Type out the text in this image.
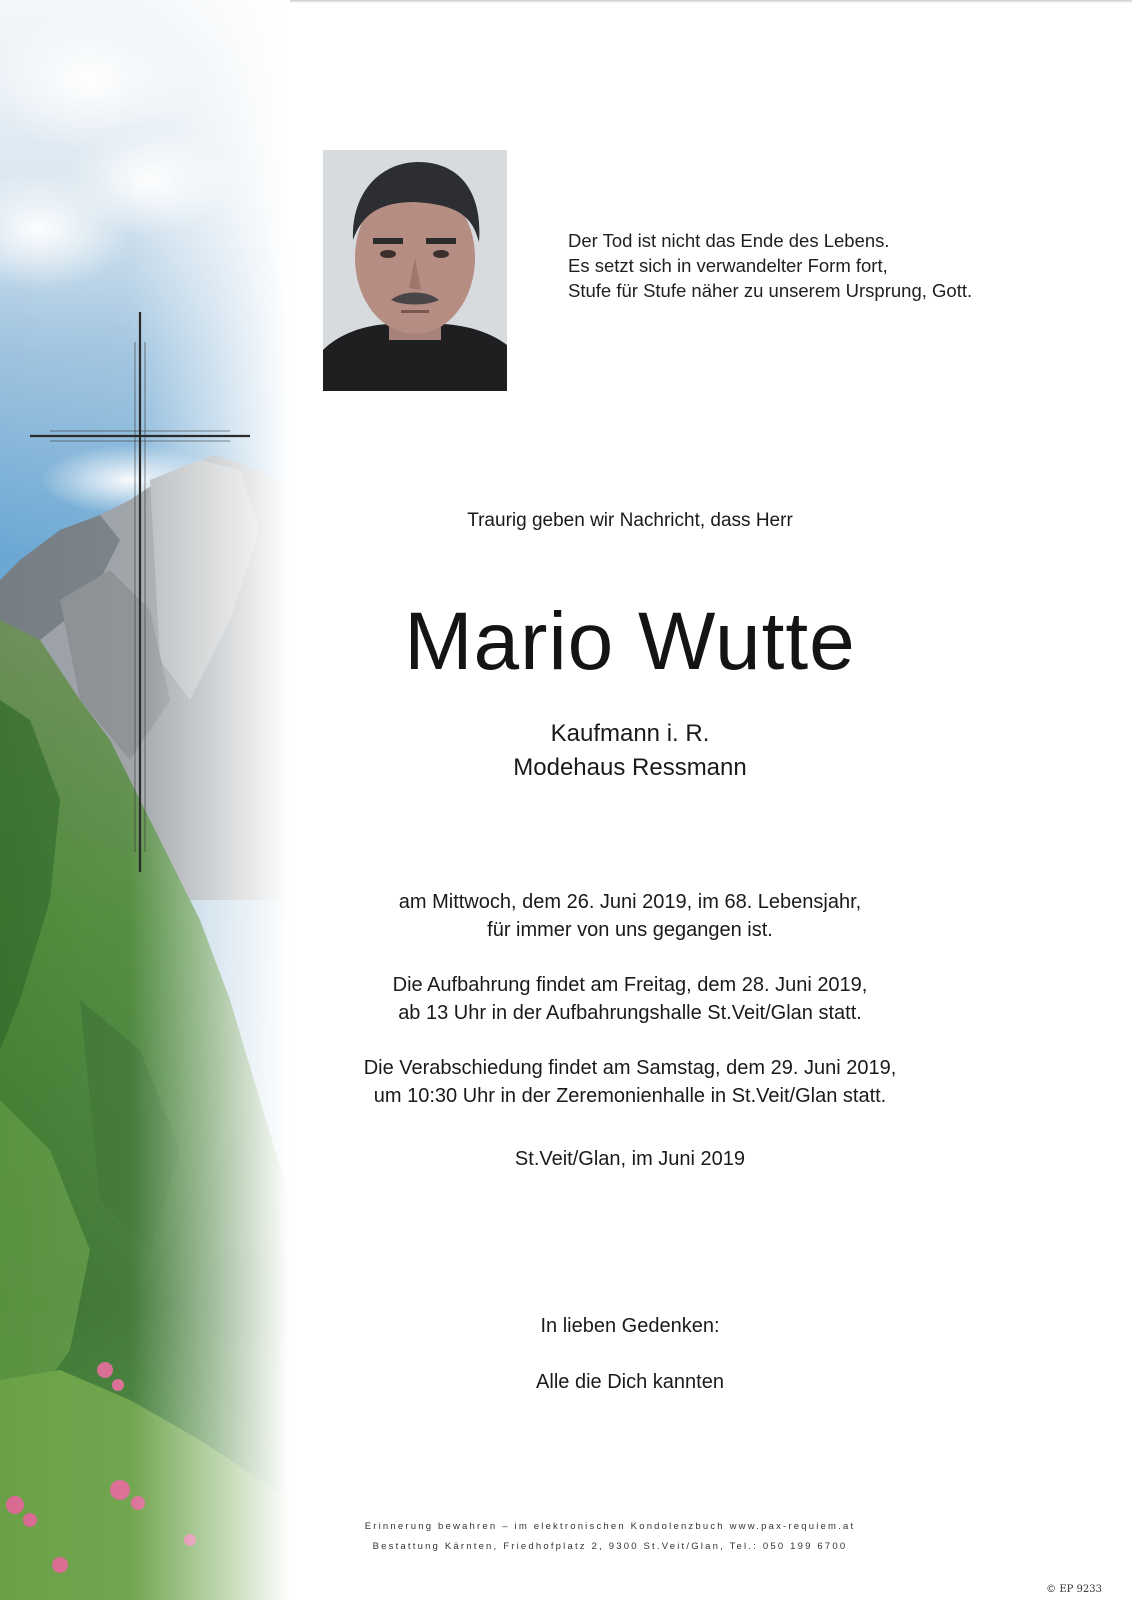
Der Tod ist nicht das Ende des Lebens.
Es setzt sich in verwandelter Form fort,
Stufe für Stufe näher zu unserem Ursprung, Gott.
Traurig geben wir Nachricht, dass Herr
Mario Wutte
Kaufmann i. R.
Modehaus Ressmann
am Mittwoch, dem 26. Juni 2019, im 68. Lebensjahr,
für immer von uns gegangen ist.
Die Aufbahrung findet am Freitag, dem 28. Juni 2019,
ab 13 Uhr in der Aufbahrungshalle St.Veit/Glan statt.
Die Verabschiedung findet am Samstag, dem 29. Juni 2019,
um 10:30 Uhr in der Zeremonienhalle in St.Veit/Glan statt.
St.Veit/Glan, im Juni 2019
In lieben Gedenken:
Alle die Dich kannten
Erinnerung bewahren – im elektronischen Kondolenzbuch www.pax-requiem.at
Bestattung Kärnten, Friedhofplatz 2, 9300 St.Veit/Glan, Tel.: 050 199 6700
© EP 9233
